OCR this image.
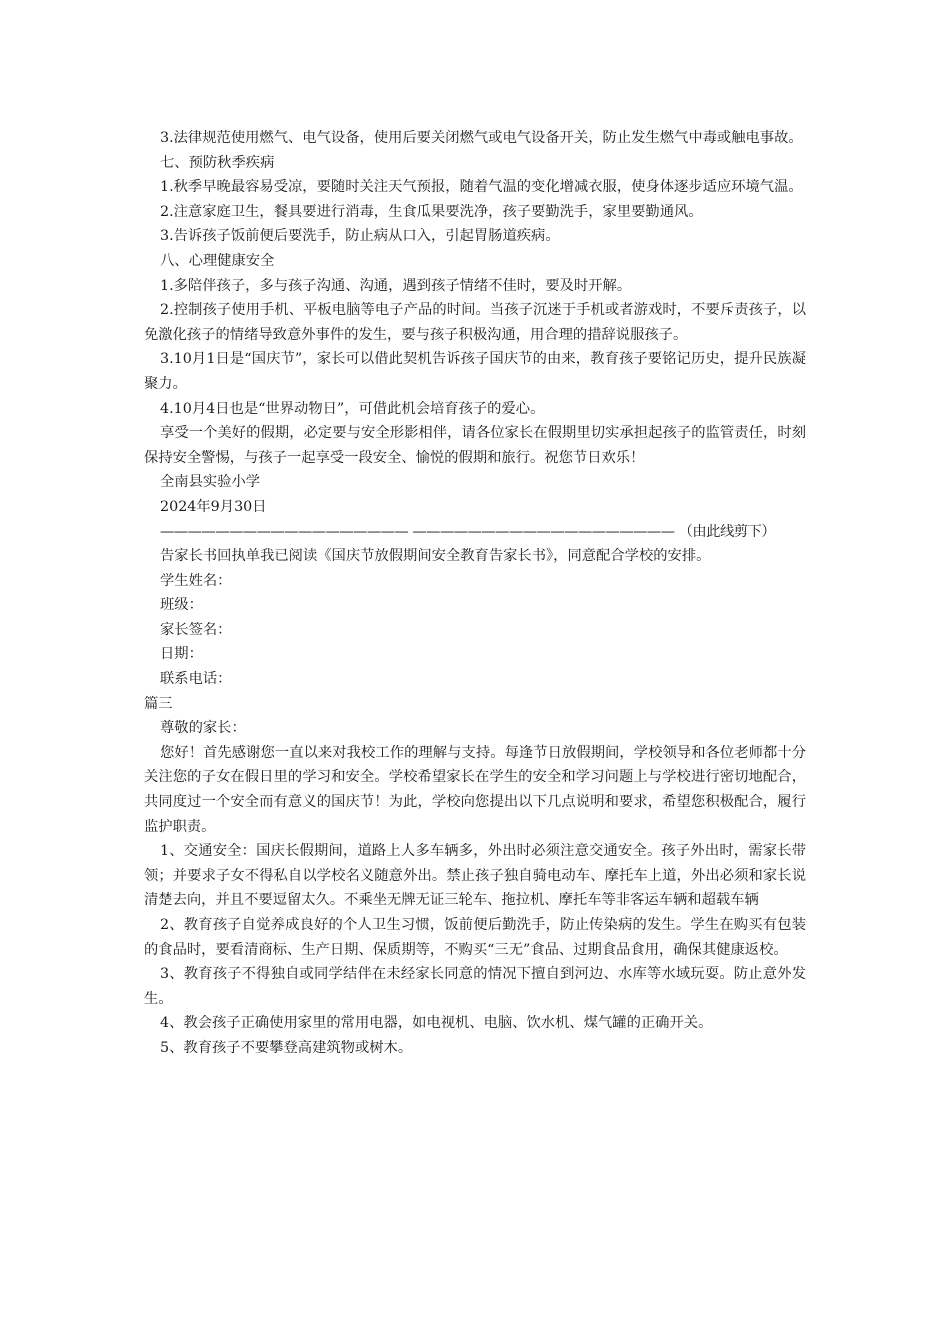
3.法律规范使用燃气、电气设备，使用后要关闭燃气或电气设备开关，防止发生燃气中毒或触电事故。

七、预防秋季疾病

1.秋季早晚最容易受凉，要随时关注天气预报，随着气温的变化增减衣服，使身体逐步适应环境气温。

2.注意家庭卫生，餐具要进行消毒，生食瓜果要洗净，孩子要勤洗手，家里要勤通风。

3.告诉孩子饭前便后要洗手，防止病从口入，引起胃肠道疾病。

八、心理健康安全

1.多陪伴孩子，多与孩子沟通、沟通，遇到孩子情绪不佳时，要及时开解。

2.控制孩子使用手机、平板电脑等电子产品的时间。当孩子沉迷于手机或者游戏时，不要斥责孩子，以免激化孩子的情绪导致意外事件的发生，要与孩子积极沟通，用合理的措辞说服孩子。

3.10月1日是“国庆节”，家长可以借此契机告诉孩子国庆节的由来，教育孩子要铭记历史，提升民族凝聚力。

4.10月4日也是“世界动物日”，可借此机会培育孩子的爱心。

享受一个美好的假期，必定要与安全形影相伴，请各位家长在假期里切实承担起孩子的监管责任，时刻保持安全警惕，与孩子一起享受一段安全、愉悦的假期和旅行。祝您节日欢乐！

全南县实验小学

2024年9月30日

—————————————————— ——————————————————— （由此线剪下）

告家长书回执单我已阅读《国庆节放假期间安全教育告家长书》，同意配合学校的安排。

学生姓名：

班级：

家长签名：

日期：

联系电话：

篇三

尊敬的家长：

您好！首先感谢您一直以来对我校工作的理解与支持。每逢节日放假期间，学校领导和各位老师都十分关注您的子女在假日里的学习和安全。学校希望家长在学生的安全和学习问题上与学校进行密切地配合，共同度过一个安全而有意义的国庆节！为此，学校向您提出以下几点说明和要求，希望您积极配合，履行监护职责。

1、交通安全：国庆长假期间，道路上人多车辆多，外出时必须注意交通安全。孩子外出时，需家长带领；并要求子女不得私自以学校名义随意外出。禁止孩子独自骑电动车、摩托车上道，外出必须和家长说清楚去向，并且不要逗留太久。不乘坐无牌无证三轮车、拖拉机、摩托车等非客运车辆和超载车辆

2、教育孩子自觉养成良好的个人卫生习惯，饭前便后勤洗手，防止传染病的发生。学生在购买有包装的食品时，要看清商标、生产日期、保质期等，不购买“三无”食品、过期食品食用，确保其健康返校。

3、教育孩子不得独自或同学结伴在未经家长同意的情况下擅自到河边、水库等水域玩耍。防止意外发生。

4、教会孩子正确使用家里的常用电器，如电视机、电脑、饮水机、煤气罐的正确开关。

5、教育孩子不要攀登高建筑物或树木。
